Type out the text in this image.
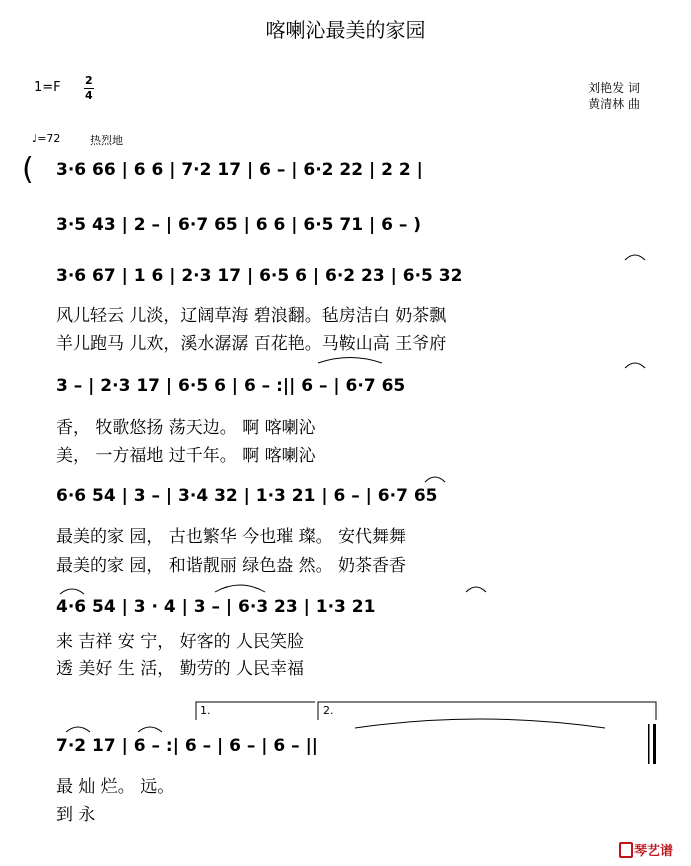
喀喇沁最美的家园
1=F 2
4
刘艳发 词
黄清林 曲
♩=72	热烈地
( 3·6 66 | 6 6 | 7·2 17 | 6 – | 6·2 22 | 2 2 |
3·5 43 | 2 – | 6·7 65 | 6 6 | 6·5 71 | 6 – )
3·6 67 | 1 6 | 2·3 17 | 6·5 6 | 6·2 23 | 6·5 32
风儿轻云 儿淡，辽阔草海 碧浪翻。毡房洁白 奶茶飘
羊儿跑马 儿欢，溪水潺潺 百花艳。马鞍山高 王爷府
3 – | 2·3 17 | 6·5 6 | 6 – :|| 6 – | 6·7 65
香， 牧歌悠扬 荡天边。 啊 喀喇沁
美， 一方福地 过千年。 啊 喀喇沁
6·6 54 | 3 – | 3·4 32 | 1·3 21 | 6 – | 6·7 65
最美的家 园， 古也繁华 今也璀 璨。 安代舞舞
最美的家 园， 和谐靓丽 绿色盎 然。 奶茶香香
4·6 54 | 3 · 4 | 3 – | 6·3 23 | 1·3 21
来 吉祥 安 宁， 好客的 人民笑脸
透 美好 生 活， 勤劳的 人民幸福
1.	2.
7·2 17 | 6 – :| 6 – | 6 – | 6 – ||
最 灿 烂。 远。
到 永
琴艺谱
